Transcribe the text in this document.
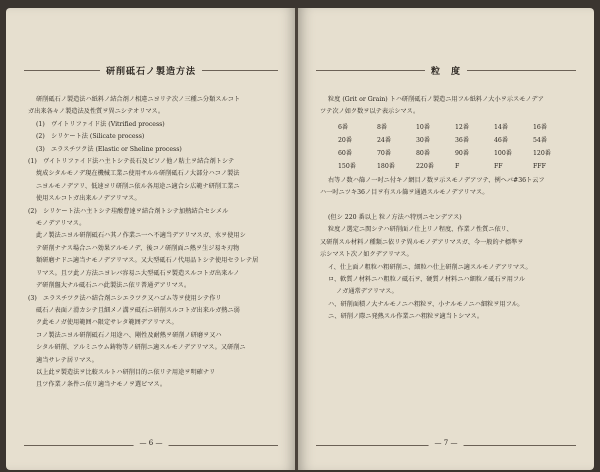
研削砥石ノ製造方法

研削砥石ノ製造法ハ紙料ノ結合剤ノ相違ニヨリテ次ノ三種ニ分類スルコト

ガ出来各々ノ製造法及性質ヲ異ニシテオリマス。

(1)　ヴイトリファイド法 (Vitrified process)

(2)　シリケート法 (Silicate process)

(3)　エラスチツク法 (Elastic or Sheline process)

(1)　ヴイトリファイド法ハ主トシテ長石及ビソノ他ノ粘土ヲ結合剤トシテ

焼成シタルモノデ現在機械工業ニ使用サルル研削砥石ノ大部分ハコノ製法

ニヨルモノデアリ、低速ヨリ研削ニ依ル各用途ニ適合シ広範ナ研削工業ニ

使用スルコトガ出来ルノデアリマス。

(2)　シリケート法ハ主トシテ珪酸曹達ヲ結合剤トシテ加熱結合セシメル

モノデアリマス。

此ノ製法ニヨル研削砥石ハ其ノ作業ニ一ヘ不適当デアリマスガ、水ヲ使用シ

テ研削ナナス場合ニハ効果アルモノデ、後コノ研削面ニ熱ヲ生ジ易キ刃物

類研磨ナドニ適当ナモノデアリマス。又大型砥石ノ代用品トシテ使用セラレテ居

リマス。且ツ此ノ方法ニヨレバ容易ニ大型砥石ヲ製造スルコトガ出来ルノ

デ研削盤大ナル砥石ニハ此製法ニ依リ普通デアリマス。

(3)　エラスチツク法ハ結合剤ニシエラツク又ハゴム等ヲ使用シテ作リ

砥石ノ表面ノ滑カシテ且細メノ溝ヲ砥石ニ研削スルコトガ出来ルガ熱ニ弱

ク此モノガ使用範囲ハ限定サレタ範囲デアリマス。

コノ製法ニヨル研削砥石ノ用途ハ、剛性及耐熱ヲ研削ノ研磨ヲ又ハ

シタル研削、アルミニウム鋳物等ノ研削ニ適スルモノデアリマス。又研削ニ

適当サレテ居リマス。

以上此ヲ製造法ヲ比較スルトハ研削目的ニ依リテ用途ヲ明確ナリ

且ツ作業ノ条件ニ依リ適当ナモノヲ選ビマス。

— 6 —
粒　度

粒度 (Grit or Grain) トハ研削砥石ノ製造ニ用フル紙料ノ大小ヲ示スモノデア

ツテ次ノ如ク数ヲ以テ表示シマス。

6番	8番	10番	12番	14番	16番
20番	24番	30番	36番	46番	54番
60番	70番	80番	90番	100番	120番
150番	180番	220番	F	FF	FFF

右等ノ数ハ篩ノ一吋ニ付キノ網目ノ数ヲ示スモノデアツテ、例ヘバ#36ト云フ

ハ一吋ニツキ36ノ目ヲ有スル篩ヲ通過スルモノデアリマス。

(但シ 220 番以上 粒ノ方法ハ特別ニセンデアス)

粒度ノ選定ニ関シテハ研削面ノ仕上リノ程度、作業ノ性質ニ依リ、

又研削スル材料ノ種類ニ依リテ異ルモノデアリマスガ、今一般的ナ標準ヲ

示シマスト次ノ如クデアリマス。

イ、仕上面ノ粗粒ハ粗研削ニ、細粒ハ仕上研削ニ適スルモノデアリマス。

ロ、軟質ノ材料ニハ粗粒ノ砥石ヲ、硬質ノ材料ニハ細粒ノ砥石ヲ用フル

ノガ通常デアリマス。

ハ、研削面積ノ大ナルモノニハ粗粒ヲ、小ナルモノニハ細粒ヲ用フル。

ニ、研削ノ際ニ発熱スル作業ニハ粗粒ヲ適当トシマス。

— 7 —
